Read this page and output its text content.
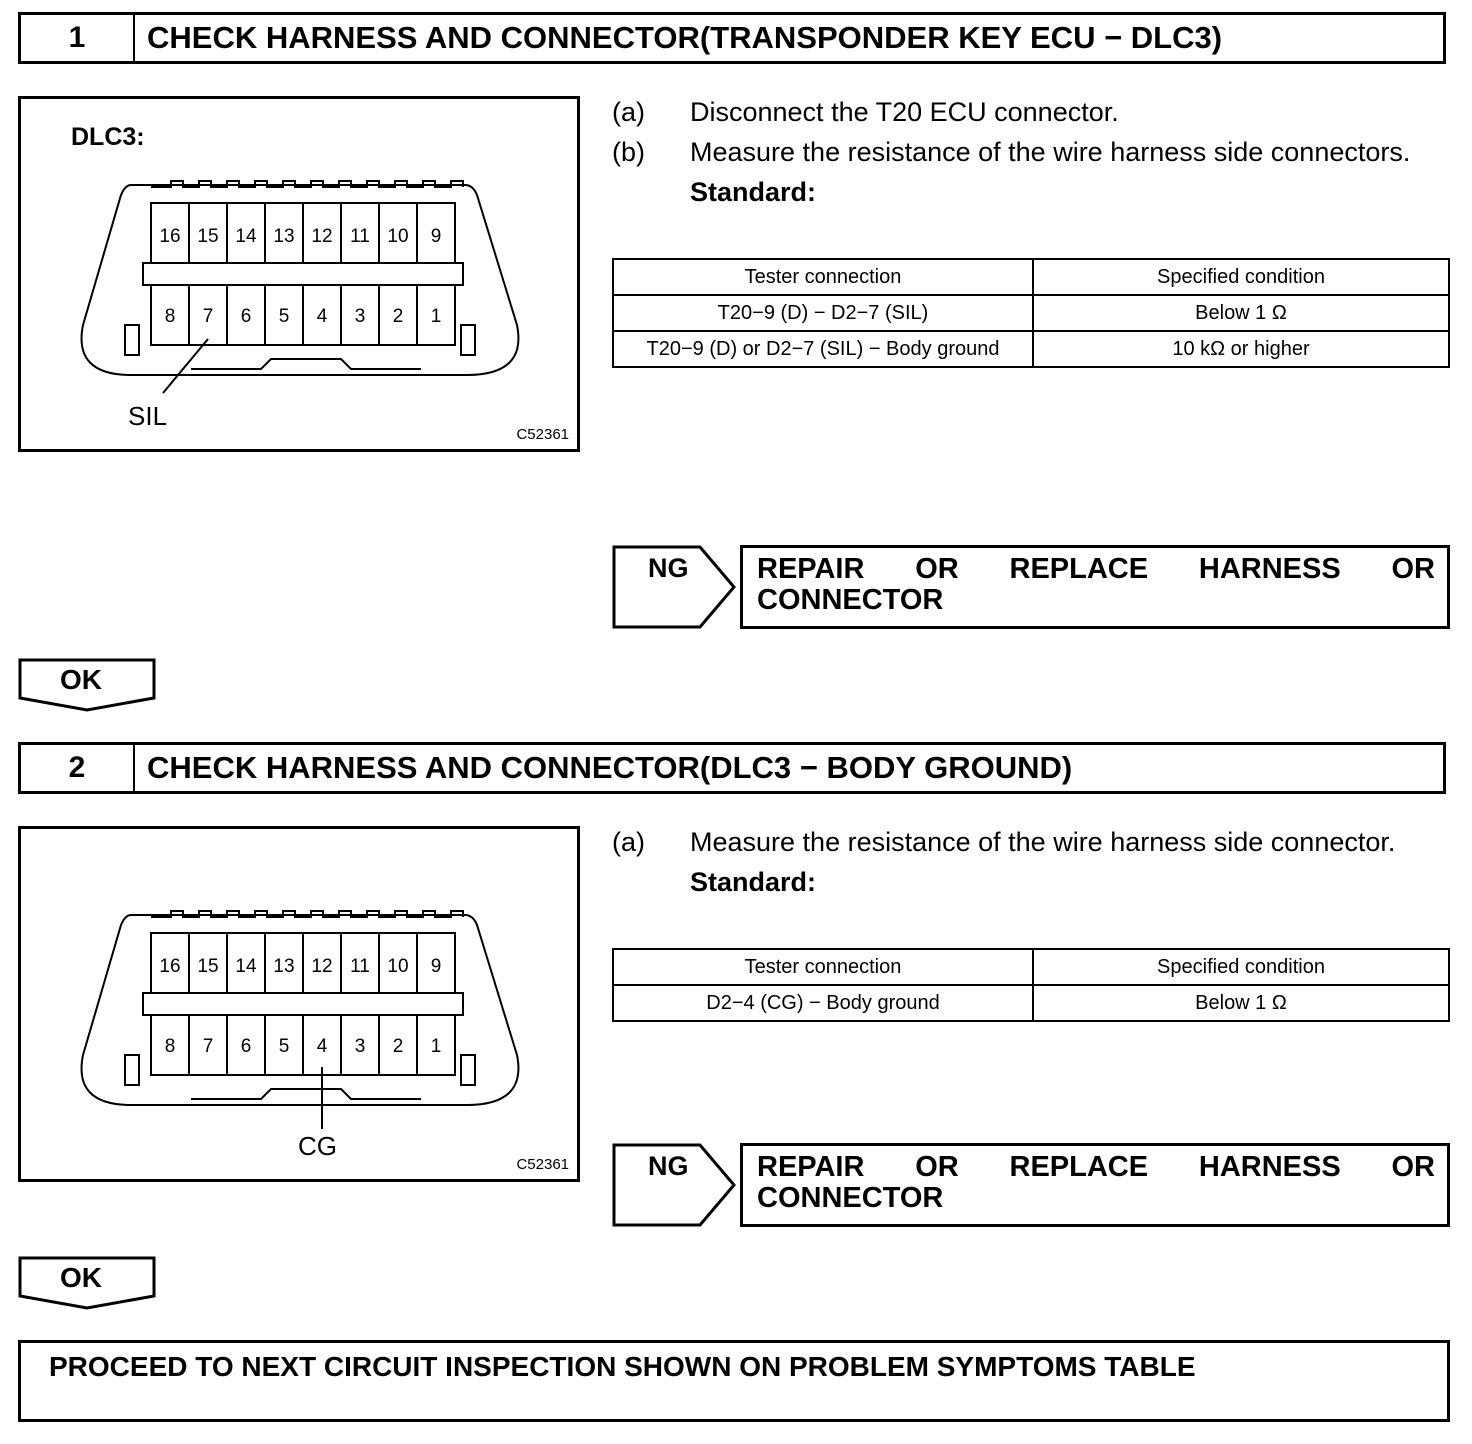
1	CHECK HARNESS AND CONNECTOR(TRANSPONDER KEY ECU − DLC3)
DLC3:
16 15 14 13 12 11 10 9
8 7 6 5 4 3 2 1
SIL
C52361
(a)	Disconnect the T20 ECU connector.
(b)	Measure the resistance of the wire harness side connectors.
Standard:
Tester connection	Specified condition
T20−9 (D) − D2−7 (SIL)	Below 1 Ω
T20−9 (D) or D2−7 (SIL) − Body ground	10 kΩ or higher
NG	REPAIR OR REPLACE HARNESS OR CONNECTOR
OK
2	CHECK HARNESS AND CONNECTOR(DLC3 − BODY GROUND)
16 15 14 13 12 11 10 9
8 7 6 5 4 3 2 1
CG
C52361
(a)	Measure the resistance of the wire harness side connector.
Standard:
Tester connection	Specified condition
D2−4 (CG) − Body ground	Below 1 Ω
NG	REPAIR OR REPLACE HARNESS OR CONNECTOR
OK
PROCEED TO NEXT CIRCUIT INSPECTION SHOWN ON PROBLEM SYMPTOMS TABLE
